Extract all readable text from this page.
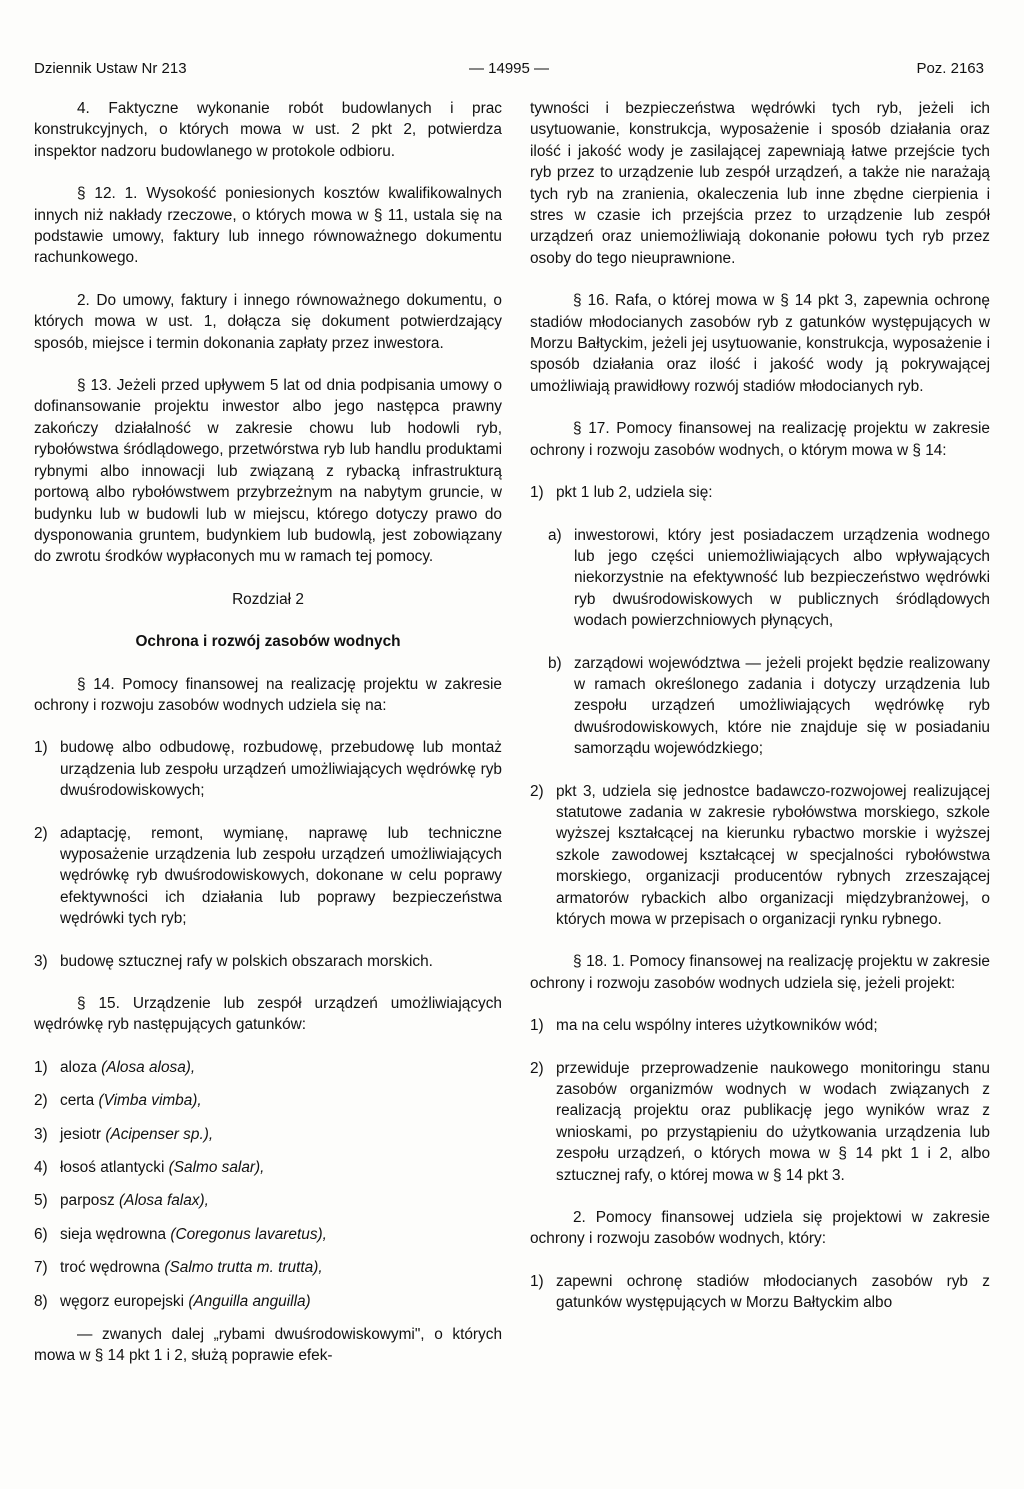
Dziennik Ustaw Nr 213	— 14995 —	Poz. 2163

4. Faktyczne wykonanie robót budowlanych i prac konstrukcyjnych, o których mowa w ust. 2 pkt 2, potwierdza inspektor nadzoru budowlanego w protokole odbioru.

§ 12. 1. Wysokość poniesionych kosztów kwalifikowalnych innych niż nakłady rzeczowe, o których mowa w § 11, ustala się na podstawie umowy, faktury lub innego równoważnego dokumentu rachunkowego.

2. Do umowy, faktury i innego równoważnego dokumentu, o których mowa w ust. 1, dołącza się dokument potwierdzający sposób, miejsce i termin dokonania zapłaty przez inwestora.

§ 13. Jeżeli przed upływem 5 lat od dnia podpisania umowy o dofinansowanie projektu inwestor albo jego następca prawny zakończy działalność w zakresie chowu lub hodowli ryb, rybołówstwa śródlądowego, przetwórstwa ryb lub handlu produktami rybnymi albo innowacji lub związaną z rybacką infrastrukturą portową albo rybołówstwem przybrzeżnym na nabytym gruncie, w budynku lub w budowli lub w miejscu, którego dotyczy prawo do dysponowania gruntem, budynkiem lub budowlą, jest zobowiązany do zwrotu środków wypłaconych mu w ramach tej pomocy.

Rozdział 2
Ochrona i rozwój zasobów wodnych

§ 14. Pomocy finansowej na realizację projektu w zakresie ochrony i rozwoju zasobów wodnych udziela się na:

1) budowę albo odbudowę, rozbudowę, przebudowę lub montaż urządzenia lub zespołu urządzeń umożliwiających wędrówkę ryb dwuśrodowiskowych;
2) adaptację, remont, wymianę, naprawę lub techniczne wyposażenie urządzenia lub zespołu urządzeń umożliwiających wędrówkę ryb dwuśrodowiskowych, dokonane w celu poprawy efektywności ich działania lub poprawy bezpieczeństwa wędrówki tych ryb;
3) budowę sztucznej rafy w polskich obszarach morskich.

§ 15. Urządzenie lub zespół urządzeń umożliwiających wędrówkę ryb następujących gatunków:

1) aloza (Alosa alosa),
2) certa (Vimba vimba),
3) jesiotr (Acipenser sp.),
4) łosoś atlantycki (Salmo salar),
5) parposz (Alosa falax),
6) sieja wędrowna (Coregonus lavaretus),
7) troć wędrowna (Salmo trutta m. trutta),
8) węgorz europejski (Anguilla anguilla)

— zwanych dalej „rybami dwuśrodowiskowymi", o których mowa w § 14 pkt 1 i 2, służą poprawie efek-

tywności i bezpieczeństwa wędrówki tych ryb, jeżeli ich usytuowanie, konstrukcja, wyposażenie i sposób działania oraz ilość i jakość wody je zasilającej zapewniają łatwe przejście tych ryb przez to urządzenie lub zespół urządzeń, a także nie narażają tych ryb na zranienia, okaleczenia lub inne zbędne cierpienia i stres w czasie ich przejścia przez to urządzenie lub zespół urządzeń oraz uniemożliwiają dokonanie połowu tych ryb przez osoby do tego nieuprawnione.

§ 16. Rafa, o której mowa w § 14 pkt 3, zapewnia ochronę stadiów młodocianych zasobów ryb z gatunków występujących w Morzu Bałtyckim, jeżeli jej usytuowanie, konstrukcja, wyposażenie i sposób działania oraz ilość i jakość wody ją pokrywającej umożliwiają prawidłowy rozwój stadiów młodocianych ryb.

§ 17. Pomocy finansowej na realizację projektu w zakresie ochrony i rozwoju zasobów wodnych, o którym mowa w § 14:

1) pkt 1 lub 2, udziela się:
a) inwestorowi, który jest posiadaczem urządzenia wodnego lub jego części uniemożliwiających albo wpływających niekorzystnie na efektywność lub bezpieczeństwo wędrówki ryb dwuśrodowiskowych w publicznych śródlądowych wodach powierzchniowych płynących,
b) zarządowi województwa — jeżeli projekt będzie realizowany w ramach określonego zadania i dotyczy urządzenia lub zespołu urządzeń umożliwiających wędrówkę ryb dwuśrodowiskowych, które nie znajduje się w posiadaniu samorządu wojewódzkiego;
2) pkt 3, udziela się jednostce badawczo-rozwojowej realizującej statutowe zadania w zakresie rybołówstwa morskiego, szkole wyższej kształcącej na kierunku rybactwo morskie i wyższej szkole zawodowej kształcącej w specjalności rybołówstwa morskiego, organizacji producentów rybnych zrzeszającej armatorów rybackich albo organizacji międzybranżowej, o których mowa w przepisach o organizacji rynku rybnego.

§ 18. 1. Pomocy finansowej na realizację projektu w zakresie ochrony i rozwoju zasobów wodnych udziela się, jeżeli projekt:

1) ma na celu wspólny interes użytkowników wód;
2) przewiduje przeprowadzenie naukowego monitoringu stanu zasobów organizmów wodnych w wodach związanych z realizacją projektu oraz publikację jego wyników wraz z wnioskami, po przystąpieniu do użytkowania urządzenia lub zespołu urządzeń, o których mowa w § 14 pkt 1 i 2, albo sztucznej rafy, o której mowa w § 14 pkt 3.

2. Pomocy finansowej udziela się projektowi w zakresie ochrony i rozwoju zasobów wodnych, który:

1) zapewni ochronę stadiów młodocianych zasobów ryb z gatunków występujących w Morzu Bałtyckim albo
